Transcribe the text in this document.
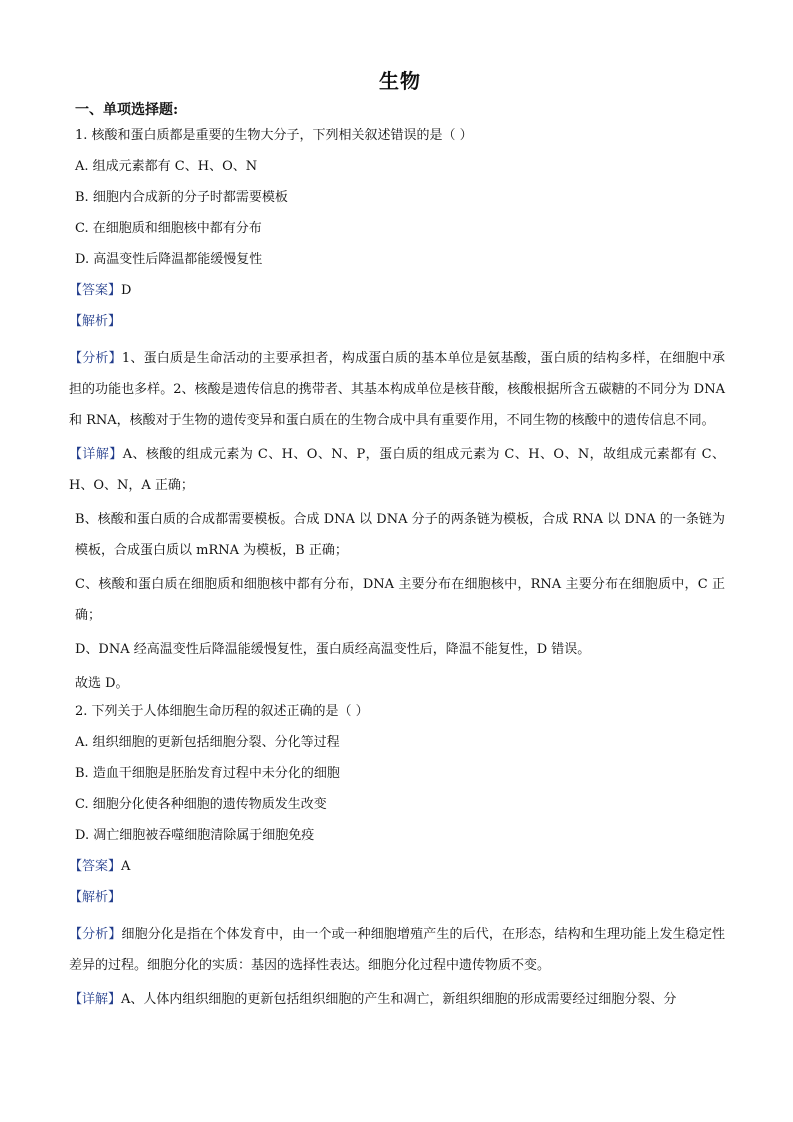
生物
一、单项选择题:
1. 核酸和蛋白质都是重要的生物大分子，下列相关叙述错误的是（ ）
A. 组成元素都有 C、H、O、N
B. 细胞内合成新的分子时都需要模板
C. 在细胞质和细胞核中都有分布
D. 高温变性后降温都能缓慢复性
【答案】D
【解析】
【分析】1、蛋白质是生命活动的主要承担者，构成蛋白质的基本单位是氨基酸，蛋白质的结构多样，在细胞中承担的功能也多样。2、核酸是遗传信息的携带者、其基本构成单位是核苷酸，核酸根据所含五碳糖的不同分为 DNA 和 RNA，核酸对于生物的遗传变异和蛋白质在的生物合成中具有重要作用，不同生物的核酸中的遗传信息不同。
【详解】A、核酸的组成元素为 C、H、O、N、P，蛋白质的组成元素为 C、H、O、N，故组成元素都有 C、H、O、N，A 正确；
B、核酸和蛋白质的合成都需要模板。合成 DNA 以 DNA 分子的两条链为模板，合成 RNA 以 DNA 的一条链为模板，合成蛋白质以 mRNA 为模板，B 正确；
C、核酸和蛋白质在细胞质和细胞核中都有分布，DNA 主要分布在细胞核中，RNA 主要分布在细胞质中，C 正确；
D、DNA 经高温变性后降温能缓慢复性，蛋白质经高温变性后，降温不能复性，D 错误。
故选 D。
2. 下列关于人体细胞生命历程的叙述正确的是（ ）
A. 组织细胞的更新包括细胞分裂、分化等过程
B. 造血干细胞是胚胎发育过程中未分化的细胞
C. 细胞分化使各种细胞的遗传物质发生改变
D. 凋亡细胞被吞噬细胞清除属于细胞免疫
【答案】A
【解析】
【分析】细胞分化是指在个体发育中，由一个或一种细胞增殖产生的后代，在形态，结构和生理功能上发生稳定性差异的过程。细胞分化的实质：基因的选择性表达。细胞分化过程中遗传物质不变。
【详解】A、人体内组织细胞的更新包括组织细胞的产生和凋亡，新组织细胞的形成需要经过细胞分裂、分
